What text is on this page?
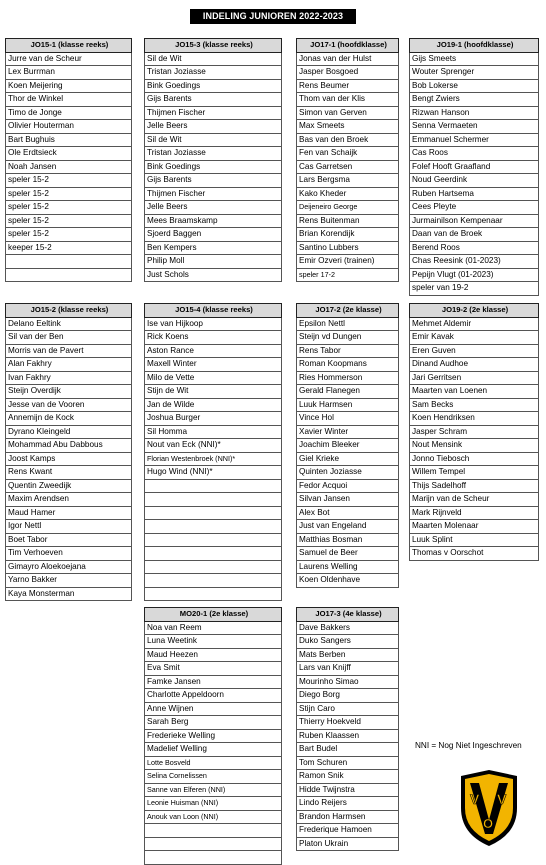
INDELING JUNIOREN 2022-2023
JO15-1 (klasse reeks)
Jurre van de Scheur
Lex Burrman
Koen Meijering
Thor de Winkel
Timo de Jonge
Olivier Houterman
Bart Bughuis
Ole Erdtsieck
Noah Jansen
speler 15-2
speler 15-2
speler 15-2
speler 15-2
speler 15-2
keeper 15-2

JO15-3 (klasse reeks)
Sil de Wit
Tristan Joziasse
Bink Goedings
Gijs Barents
Thijmen Fischer
Jelle Beers
Sil de Wit
Tristan Joziasse
Bink Goedings
Gijs Barents
Thijmen Fischer
Jelle Beers
Mees Braamskamp
Sjoerd Baggen
Ben Kempers
Philip Moll
Just Schols
JO17-1 (hoofdklasse)
Jonas van der Hulst
Jasper Bosgoed
Rens Beumer
Thom van der Klis
Simon van Gerven
Max Smeets
Bas van den Broek
Fen van Schaijk
Cas Garretsen
Lars Bergsma
Kako Kheder
Deijeneiro George
Rens Buitenman
Brian Korendijk
Santino Lubbers
Emir Ozveri (trainen)
speler 17-2
JO19-1 (hoofdklasse)
Gijs Smeets
Wouter Sprenger
Bob Lokerse
Bengt Zwiers
Rizwan Hanson
Senna Vermaeten
Emmanuel Schermer
Cas Roos
Folef Hooft Graafland
Noud Geerdink
Ruben Hartsema
Cees Pleyte
Jurmainilson Kempenaar
Daan van de Broek
Berend Roos
Chas Reesink (01-2023)
Pepijn Vlugt (01-2023)
speler van 19-2
JO15-2 (klasse reeks)
Delano Eeltink
Sil van der Ben
Morris van de Pavert
Alan Fakhry
Ivan Fakhry
Steijn Overdijk
Jesse van de Vooren
Annemijn de Kock
Dyrano Kleingeld
Mohammad Abu Dabbous
Joost Kamps
Rens Kwant
Quentin Zweedijk
Maxim Arendsen
Maud Hamer
Igor Nettl
Boet Tabor
Tim Verhoeven
Gimayro Aloekoejana
Yarno Bakker
Kaya Monsterman
JO15-4 (klasse reeks)
Ise van Hijkoop
Rick Koens
Aston Rance
Maxell Winter
Milo de Vette
Stijn de Wit
Jan de Wilde
Joshua Burger
Sil Homma
Nout van Eck (NNI)*
Florian Westenbroek (NNI)*
Hugo Wind (NNI)*

JO17-2 (2e klasse)
Epsilon Nettl
Steijn vd Dungen
Rens Tabor
Roman Koopmans
Ries Hommerson
Gerald Flanegen
Luuk Harmsen
Vince Hol
Xavier Winter
Joachim Bleeker
Giel Krieke
Quinten Joziasse
Fedor Acquoi
Silvan Jansen
Alex Bot
Just van Engeland
Matthias Bosman
Samuel de Beer
Laurens Welling
Koen Oldenhave
JO19-2 (2e klasse)
Mehmet Aldemir
Emir Kavak
Eren Guven
Dinand Audhoe
Jari Gerritsen
Maarten van Loenen
Sam Becks
Koen Hendriksen
Jasper Schram
Nout Mensink
Jonno Tiebosch
Willem Tempel
Thijs Sadelhoff
Marijn van de Scheur
Mark Rijnveld
Maarten Molenaar
Luuk Splint
Thomas v Oorschot
MO20-1 (2e klasse)
Noa van Reem
Luna Weetink
Maud Heezen
Eva Smit
Famke Jansen
Charlotte Appeldoorn
Anne Wijnen
Sarah Berg
Frederieke Welling
Madelief Welling
Lotte Bosveld
Selina Cornelissen
Sanne van Elferen (NNI)
Leonie Huisman (NNI)
Anouk van Loon (NNI)

JO17-3 (4e klasse)
Dave Bakkers
Duko Sangers
Mats Berben
Lars van Knijff
Mourinho Simao
Diego Borg
Stijn Caro
Thierry Hoekveld
Ruben Klaassen
Bart Budel
Tom Schuren
Ramon Snik
Hidde Twijnstra
Lindo Reijers
Brandon Harmsen
Frederique Hamoen
Platon Ukrain
NNI = Nog Niet Ingeschreven
V V
O
